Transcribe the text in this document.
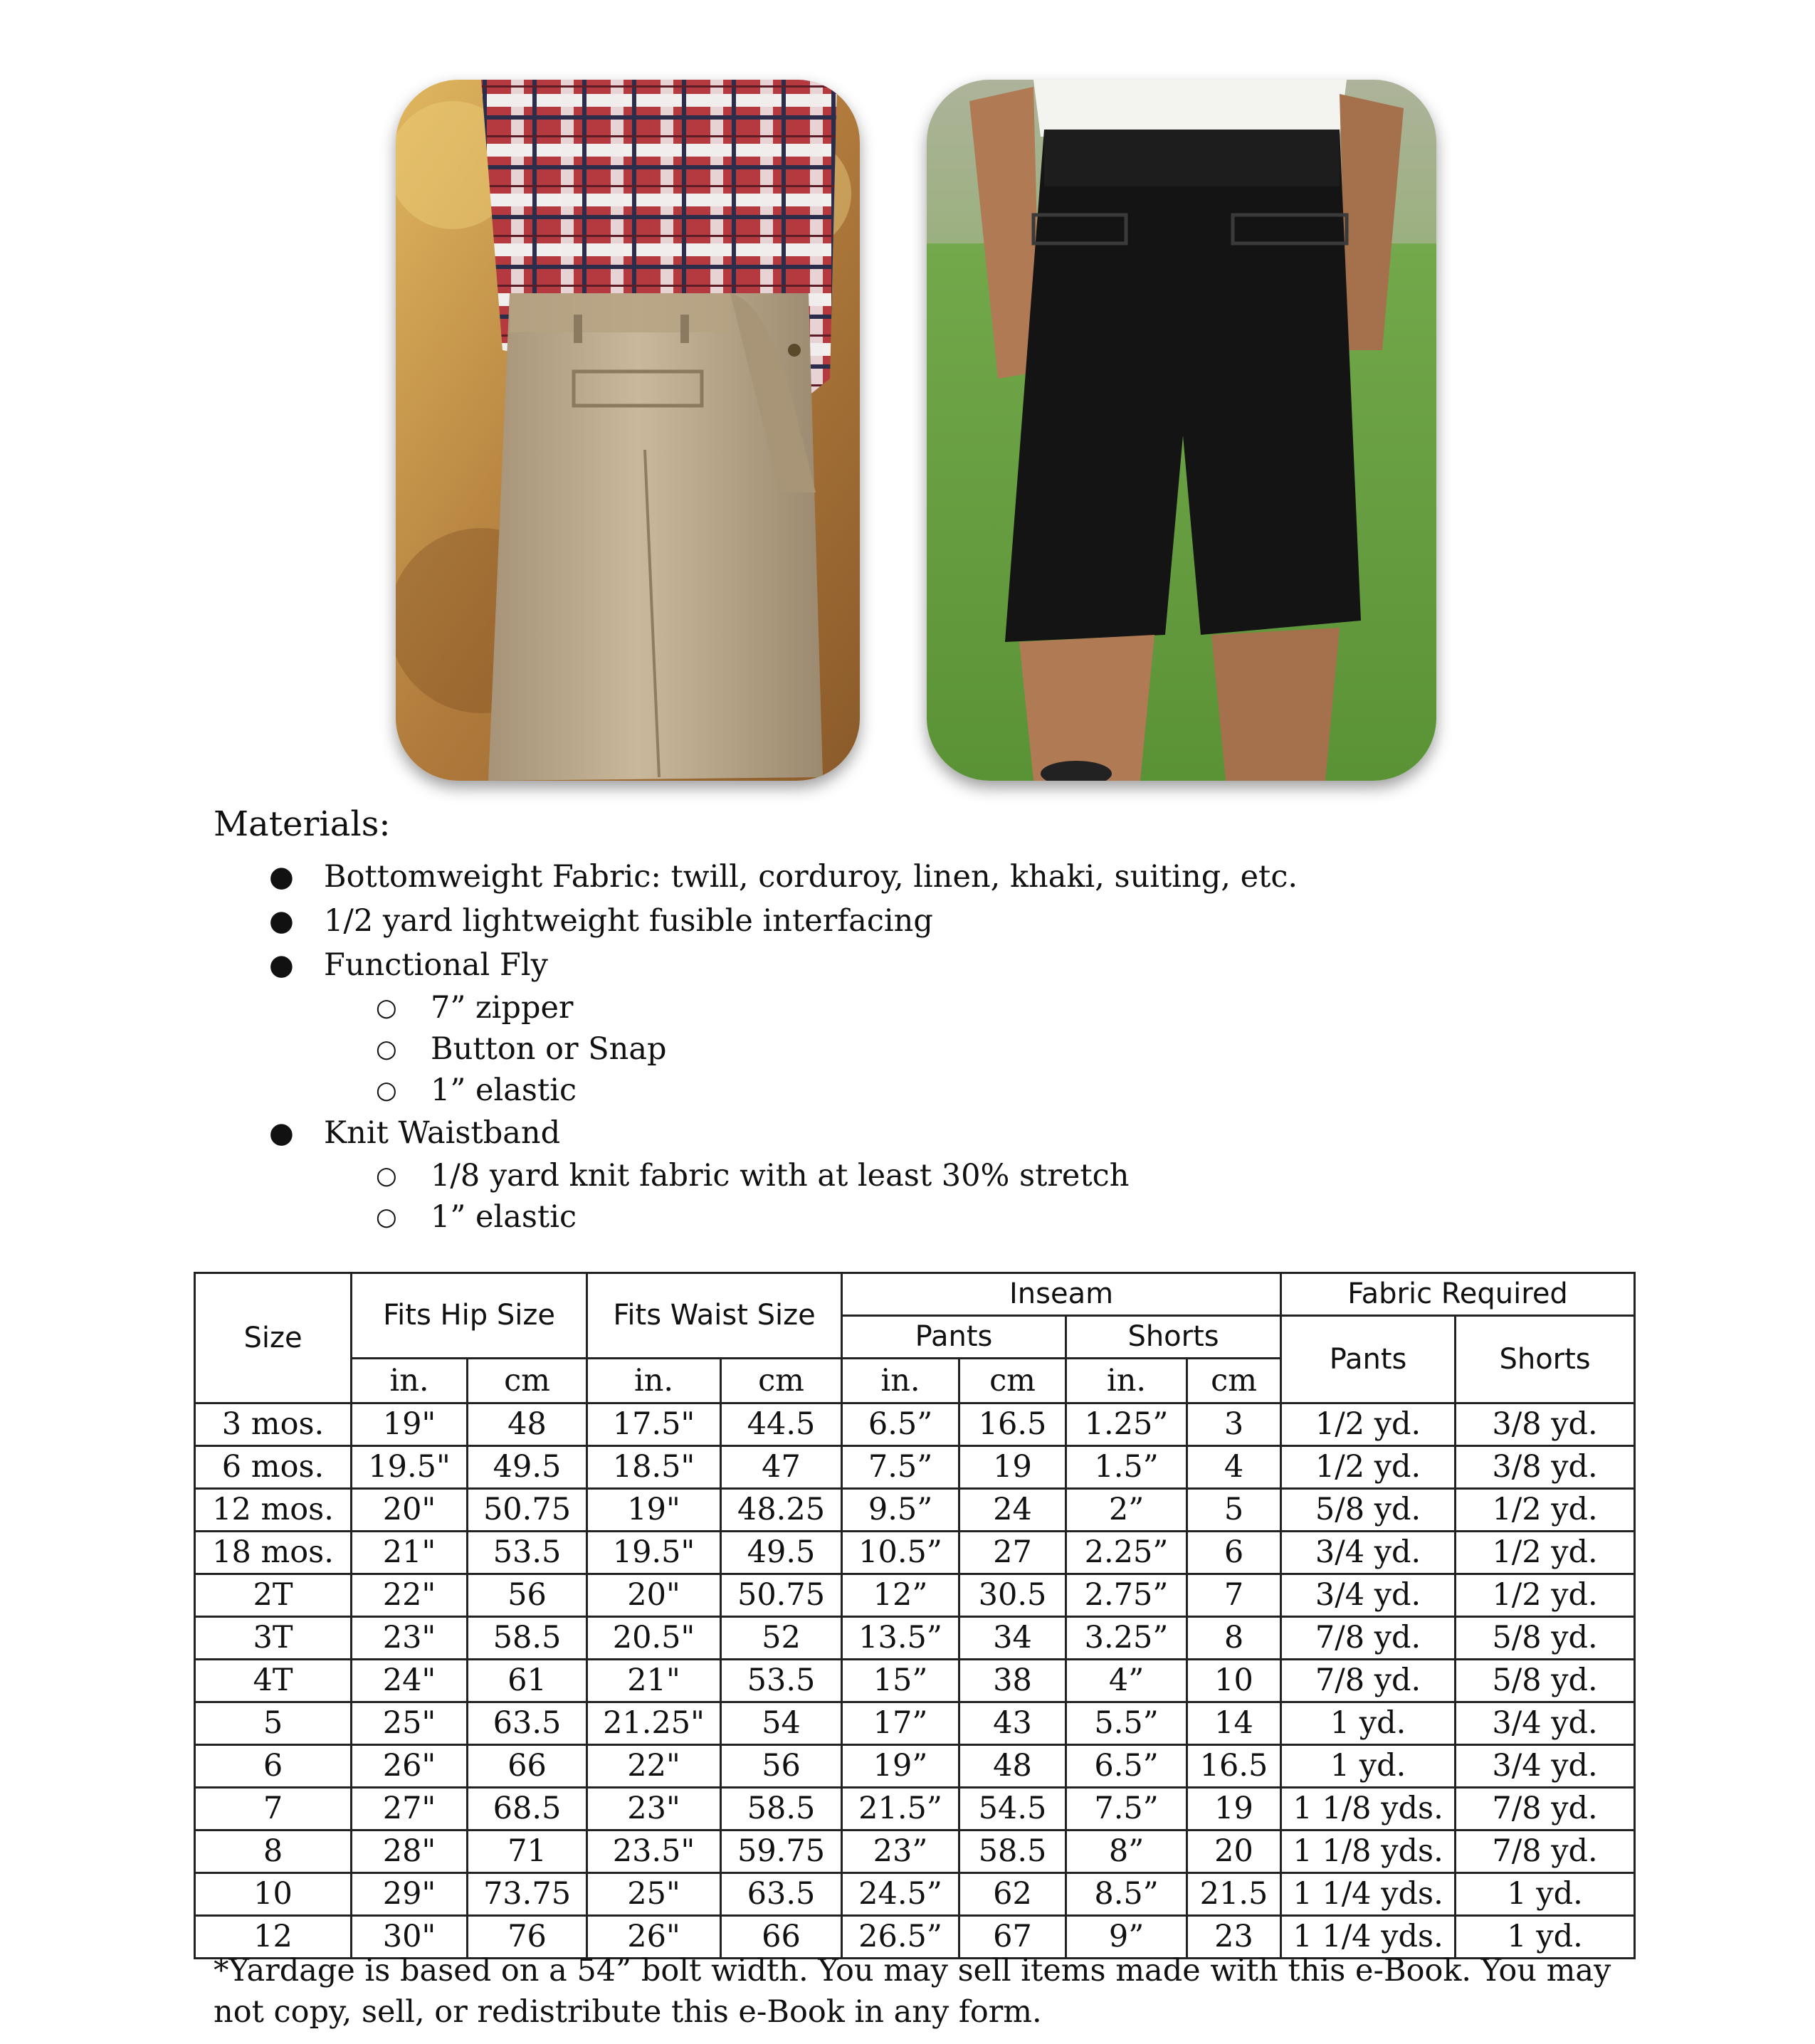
Materials:
● Bottomweight Fabric: twill, corduroy, linen, khaki, suiting, etc.
● 1/2 yard lightweight fusible interfacing
● Functional Fly
○ 7” zipper
○ Button or Snap
○ 1” elastic
● Knit Waistband
○ 1/8 yard knit fabric with at least 30% stretch
○ 1” elastic
Size	Fits Hip Size		Fits Waist Size		Inseam				Fabric Required	
					Pants		Shorts		Pants	Shorts
	in.	cm	in.	cm	in.	cm	in.	cm		
3 mos.	19"	48	17.5"	44.5	6.5”	16.5	1.25”	3	1/2 yd.	3/8 yd.
6 mos.	19.5"	49.5	18.5"	47	7.5”	19	1.5”	4	1/2 yd.	3/8 yd.
12 mos.	20"	50.75	19"	48.25	9.5”	24	2”	5	5/8 yd.	1/2 yd.
18 mos.	21"	53.5	19.5"	49.5	10.5”	27	2.25”	6	3/4 yd.	1/2 yd.
2T	22"	56	20"	50.75	12”	30.5	2.75”	7	3/4 yd.	1/2 yd.
3T	23"	58.5	20.5"	52	13.5”	34	3.25”	8	7/8 yd.	5/8 yd.
4T	24"	61	21"	53.5	15”	38	4”	10	7/8 yd.	5/8 yd.
5	25"	63.5	21.25"	54	17”	43	5.5”	14	1 yd.	3/4 yd.
6	26"	66	22"	56	19”	48	6.5”	16.5	1 yd.	3/4 yd.
7	27"	68.5	23"	58.5	21.5”	54.5	7.5”	19	1 1/8 yds.	7/8 yd.
8	28"	71	23.5"	59.75	23”	58.5	8”	20	1 1/8 yds.	7/8 yd.
10	29"	73.75	25"	63.5	24.5”	62	8.5”	21.5	1 1/4 yds.	1 yd.
12	30"	76	26"	66	26.5”	67	9”	23	1 1/4 yds.	1 yd.
*Yardage is based on a 54” bolt width. You may sell items made with this e-Book. You may not copy, sell, or redistribute this e-Book in any form.
